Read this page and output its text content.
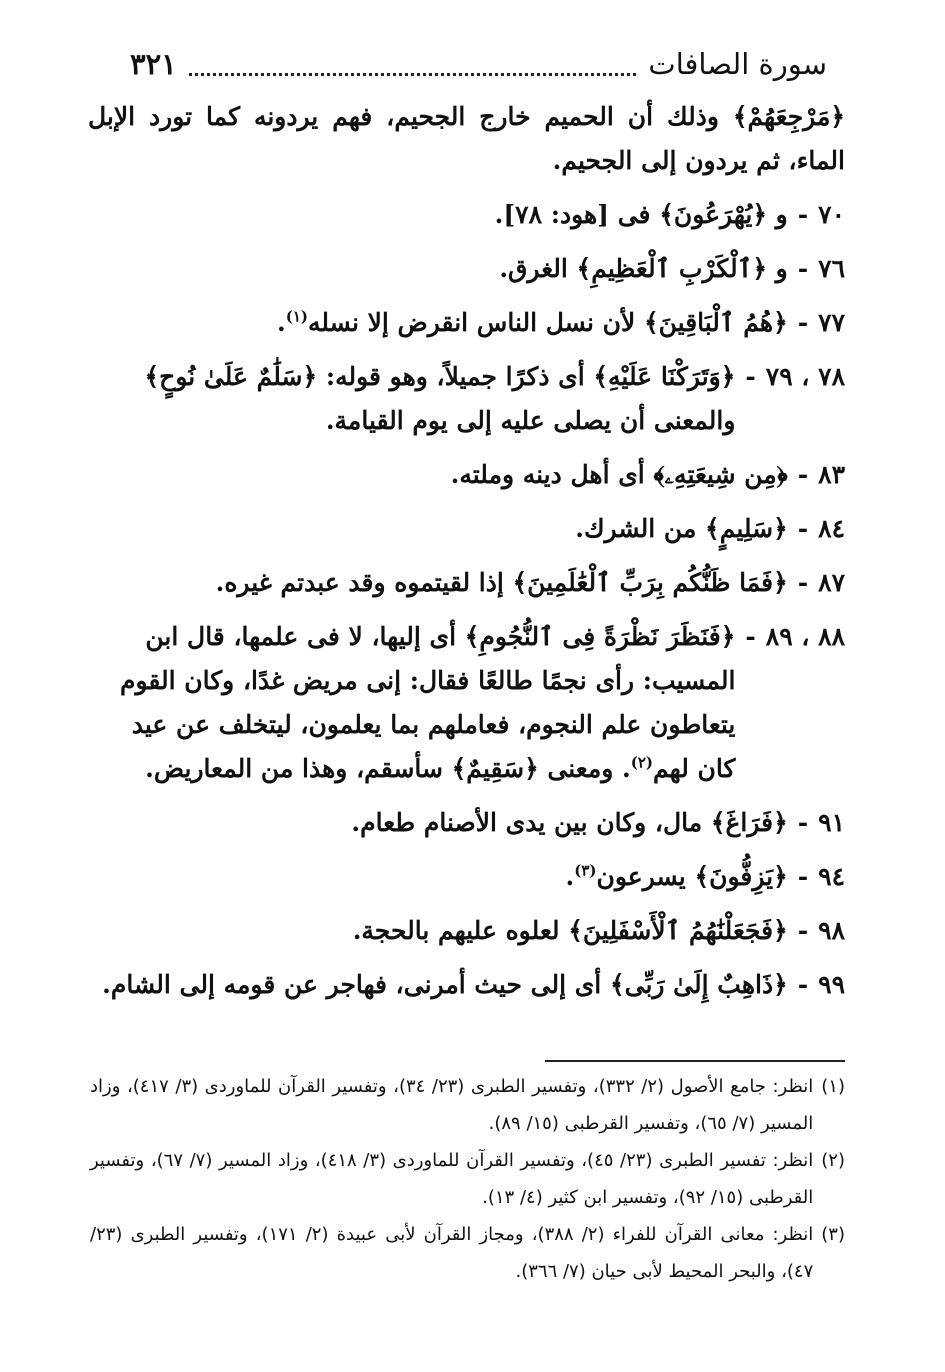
سورة الصافات
٣٢١

﴿مَرْجِعَهُمْ﴾ وذلك أن الحميم خارج الجحيم، فهم يردونه كما تورد الإبل الماء، ثم يردون إلى الجحيم.

٧٠
-
و ﴿يُهْرَعُونَ﴾ فى [هود: ٧٨].
٧٦
-
و ﴿ٱلْكَرْبِ ٱلْعَظِيمِ﴾ الغرق.
٧٧
-
﴿هُمُ ٱلْبَاقِينَ﴾ لأن نسل الناس انقرض إلا نسله$^{(١)}$.
٧٨ ، ٧٩
-
﴿وَتَرَكْنَا عَلَيْهِ﴾ أى ذكرًا جميلاً، وهو قوله: ﴿سَلَٰمٌ عَلَىٰ نُوحٍ﴾ والمعنى أن يصلى عليه إلى يوم القيامة.
٨٣
-
﴿مِن شِيعَتِهِۦ﴾ أى أهل دينه وملته.
٨٤
-
﴿سَلِيمٍ﴾ من الشرك.
٨٧
-
﴿فَمَا ظَنُّكُم بِرَبِّ ٱلْعَٰلَمِينَ﴾ إذا لقيتموه وقد عبدتم غيره.
٨٨ ، ٨٩
-
﴿فَنَظَرَ نَظْرَةً فِى ٱلنُّجُومِ﴾ أى إليها، لا فى علمها، قال ابن المسيب: رأى نجمًا طالعًا فقال: إنى مريض غدًا، وكان القوم يتعاطون علم النجوم، فعاملهم بما يعلمون، ليتخلف عن عيد كان لهم$^{(٢)}$. ومعنى ﴿سَقِيمٌ﴾ سأسقم، وهذا من المعاريض.
٩١
-
﴿فَرَاغَ﴾ مال، وكان بين يدى الأصنام طعام.
٩٤
-
﴿يَزِفُّونَ﴾ يسرعون$^{(٣)}$.
٩٨
-
﴿فَجَعَلْنَٰهُمُ ٱلْأَسْفَلِينَ﴾ لعلوه عليهم بالحجة.
٩٩
-
﴿ذَاهِبٌ إِلَىٰ رَبِّى﴾ أى إلى حيث أمرنى، فهاجر عن قومه إلى الشام.
(١)
انظر: جامع الأصول (٢/ ٣٣٢)، وتفسير الطبرى (٢٣/ ٣٤)، وتفسير القرآن للماوردى (٣/ ٤١٧)، وزاد المسير (٧/ ٦٥)، وتفسير القرطبى (١٥/ ٨٩).
(٢)
انظر: تفسير الطبرى (٢٣/ ٤٥)، وتفسير القرآن للماوردى (٣/ ٤١٨)، وزاد المسير (٧/ ٦٧)، وتفسير القرطبى (١٥/ ٩٢)، وتفسير ابن كثير (٤/ ١٣).
(٣)
انظر: معانى القرآن للفراء (٢/ ٣٨٨)، ومجاز القرآن لأبى عبيدة (٢/ ١٧١)، وتفسير الطبرى (٢٣/ ٤٧)، والبحر المحيط لأبى حيان (٧/ ٣٦٦).
